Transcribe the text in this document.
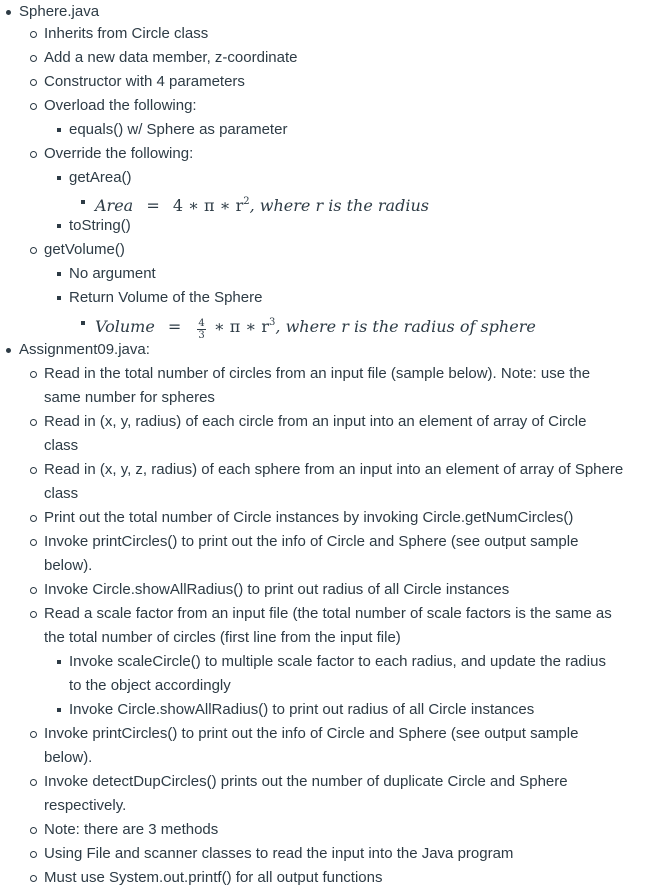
Sphere.java
Inherits from Circle class
Add a new data member, z-coordinate
Constructor with 4 parameters
Overload the following:
equals() w/ Sphere as parameter
Override the following:
getArea()
Area = 4 ∗ π ∗ $r^2$, where r is the radius
toString()
getVolume()
No argument
Return Volume of the Sphere
Volume = $\frac{4}{3}$ ∗ π ∗ $r^3$, where r is the radius of sphere
Assignment09.java:
Read in the total number of circles from an input file (sample below). Note: use the
same number for spheres
Read in (x, y, radius) of each circle from an input into an element of array of Circle
class
Read in (x, y, z, radius) of each sphere from an input into an element of array of Sphere
class
Print out the total number of Circle instances by invoking Circle.getNumCircles()
Invoke printCircles() to print out the info of Circle and Sphere (see output sample
below).
Invoke Circle.showAllRadius() to print out radius of all Circle instances
Read a scale factor from an input file (the total number of scale factors is the same as
the total number of circles (first line from the input file)
Invoke scaleCircle() to multiple scale factor to each radius, and update the radius
to the object accordingly
Invoke Circle.showAllRadius() to print out radius of all Circle instances
Invoke printCircles() to print out the info of Circle and Sphere (see output sample
below).
Invoke detectDupCircles() prints out the number of duplicate Circle and Sphere
respectively.
Note: there are 3 methods
Using File and scanner classes to read the input into the Java program
Must use System.out.printf() for all output functions
